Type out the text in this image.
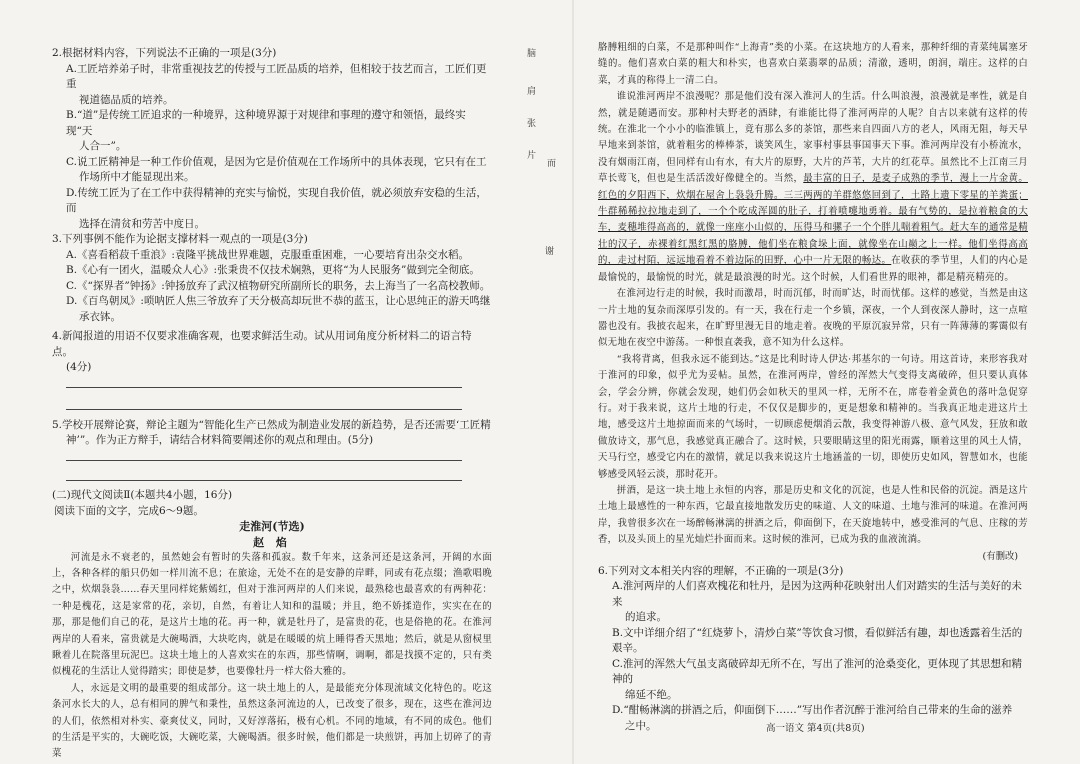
2.根据材料内容，下列说法不正确的一项是(3分)

A.工匠培养弟子时，非常重视技艺的传授与工匠品质的培养，但相较于技艺而言，工匠们更重

视道德品质的培养。

B.“道”是传统工匠追求的一种境界，这种境界源于对规律和事理的遵守和领悟，最终实现“天

人合一”。

C.说工匠精神是一种工作价值观，是因为它是价值观在工作场所中的具体表现，它只有在工

作场所中才能显现出来。

D.传统工匠为了在工作中获得精神的充实与愉悦，实现自我价值，就必须放弃安稳的生活，而

选择在清贫和劳苦中度日。

3.下列事例不能作为论据支撑材料一观点的一项是(3分)

A.《喜看稻菽千重浪》:袁隆平挑战世界难题，克服重重困难，一心要培育出杂交水稻。

B.《心有一团火，温暖众人心》:张秉贵不仅技术娴熟，更将“为人民服务”做到完全彻底。

C.《“探界者”钟扬》:钟扬放弃了武汉植物研究所副所长的职务，去上海当了一名高校教师。

D.《百鸟朝凤》:唢呐匠人焦三爷放弃了天分极高却玩世不恭的蓝玉，让心思纯正的游天鸣继

承衣钵。

4.新闻报道的用语不仅要求准确客观，也要求鲜活生动。试从用词角度分析材料二的语言特点。

(4分)

5.学校开展辩论赛，辩论主题为“智能化生产已然成为制造业发展的新趋势，是否还需要‘工匠精

神’”。作为正方辩手，请结合材料简要阐述你的观点和理由。(5分)

(二)现代文阅读Ⅱ(本题共4小题，16分)

阅读下面的文字，完成6～9题。

走淮河(节选)

赵 焰

河流是永不衰老的，虽然她会有暂时的失落和孤寂。数千年来，这条河还是这条河，开阔的水面上，各种各样的船只仍如一样川流不息；在旅途，无处不在的是安静的岸畔，同或有花点缀；渔歌唱晚之中，炊烟袅袅……春天里同样姹紫嫣红，但对于淮河两岸的人们来说，最熟稔也最喜欢的有两种花：一种是槐花，这是家常的花，亲切，自然，有着让人知和的温暖；并且，绝不娇揉造作，实实在在的那，那是他们自己的花，是这片土地的花。再一种，就是牡丹了，是富贵的花，也是俗艳的花。在淮河两岸的人看来，富贵就是大碗喝酒，大块吃肉，就是在暖暖的炕上睡得香天黑地；然后，就是从窗棂里瞅着儿在院落里玩泥巴。这块土地上的人喜欢实在的东西，那些情啊，调啊，都是找摸不定的，只有类似槐花的生活让人觉得踏实；即使是梦，也要像牡丹一样大俗大雅的。

人，永远是文明的最重要的组成部分。这一块土地上的人，是最能充分体现流域文化特色的。吃这条河水长大的人，总有相同的脾气和秉性，虽然这条河流边的人，已改变了很多，现在，这些在淮河边的人们，依然相对朴实、豪爽仗义，同时，又好淳落拓，极有心机。不同的地域，有不同的成色。他们的生活是平实的，大碗吃饭，大碗吃菜，大碗喝酒。很多时候，他们都是一块煎饼，再加上切碎了的青菜

脑
肩
张
片
而
谢

胳膊粗细的白菜，不是那种叫作“上海青”类的小菜。在这块地方的人看来，那种纤细的青菜纯属塞牙缝的。他们喜欢白菜的粗大和朴实，也喜欢白菜翡翠的品质；清澈，透明，朗润，端庄。这样的白菜，才真的称得上一清二白。

谁说淮河两岸不浪漫呢？那是他们没有深入淮河人的生活。什么叫浪漫，浪漫就是率性，就是自然，就是随遇而安。那种村夫野老的酒肆，有谁能比得了淮河两岸的人呢？自古以来就有这样的传统。在淮北一个小小的临淮镇上，竟有那么多的茶馆，那些来自四面八方的老人，风雨无阻，每天早早地来到茶馆，就着粗劣的棒棒茶，谈笑风生，家事村事县事国事天下事。淮河两岸没有小桥流水，没有烟雨江南，但同样有山有水，有大片的原野，大片的芦苇，大片的红花草。虽然比不上江南三月草长莺飞，但也是生活活泼好像健全的。当然，最丰富的日子，是麦子成熟的季节，漫上一片金黄。红色的夕阳西下，炊烟在屋舍上袅袅升腾。三三两两的羊群悠悠回到了，土路上遗下零星的羊粪蛋；牛群稀稀拉拉地走到了，一个个吃成浑圆的肚子，打着喷嚏地勇着。最有气势的，是拉着粮食的大车，麦穗堆得高高的，就像一座座小山似的，压得马和骡子一个个胖儿喘着粗气。赶大车的通常是精壮的汉子，赤裸着红黑红黑的胳膊，他们坐在粮食垛上面，就像坐在山巅之上一样。他们坐得高高的，走过村陌，远远地看着不着边际的田野，心中一片无限的畅达。在收获的季节里，人们的内心是最愉悦的，最愉悦的时光，就是最浪漫的时光。这个时候，人们看世界的眼神，都是精亮精亮的。

在淮河边行走的时候，我时而激昂，时而沉郁，时而旷达，时而忧郁。这样的感觉，当然是由这一片土地的复杂而深厚引发的。有一天，我在行走一个乡镇，深夜，一个人到夜深人静时，这一点喧嚣也没有。我披衣起来，在旷野里漫无目的地走着。夜晚的平原沉寂异常，只有一阵薄薄的雾霭似有似无地在夜空中游荡。一种恨直袭我，意不知为什么这样。

“我将背离，但我永远不能到达。”这是比利时诗人伊达·邦基尔的一句诗。用这首诗，来形容我对于淮河的印象，似乎尤为妥帖。虽然，在淮河两岸，曾经的浑然大气变得支离破碎，但只要认真体会，学会分辨，你就会发现，她们仍会如秋天的里风一样，无所不在，席卷着金黄色的落叶急促穿行。对于我来说，这片土地的行走，不仅仅是脚步的，更是想象和精神的。当我真正地走进这片土地，感受这片土地掠面而来的气场时，一切顾虑便烟消云散，我变得神游八极、意气风发，狂放和敢做放诗文，那气息，我感觉真正融合了。这时候，只要眼睛这里的阳光雨露，顺着这里的风土人情，天马行空，感受它内在的激情，就足以我来说这片土地涵盖的一切，即使历史如风，智慧如水，也能够感受风轻云淡，那时花开。

拼酒，是这一块土地上永恒的内容，那是历史和文化的沉淀，也是人性和民俗的沉淀。酒是这片土地上最感性的一种东西，它最直接地散发历史的味道、人文的味道、土地与淮河的味道。在淮河两岸，我曾很多次在一场醉畅淋漓的拼酒之后，仰面倒下，在天旋地转中，感受淮河的气息、庄稼的芳香，以及头顶上的星光灿烂扑面而来。这时候的淮河，已成为我的血液流淌。

(有删改)

6.下列对文本相关内容的理解，不正确的一项是(3分)

A.淮河两岸的人们喜欢槐花和牡丹，是因为这两种花映射出人们对踏实的生活与美好的未来

的追求。

B.文中详细介绍了“红烧萝卜，清炒白菜”等饮食习惯，看似鲜活有趣，却也透露着生活的艰辛。

C.淮河的浑然大气虽支离破碎却无所不在，写出了淮河的沧桑变化，更体现了其思想和精神的

绵延不绝。

D.“酣畅淋漓的拼酒之后，仰面倒下……”写出作者沉醉于淮河给自己带来的生命的滋养

之中。	高一语文 第4页(共8页)
